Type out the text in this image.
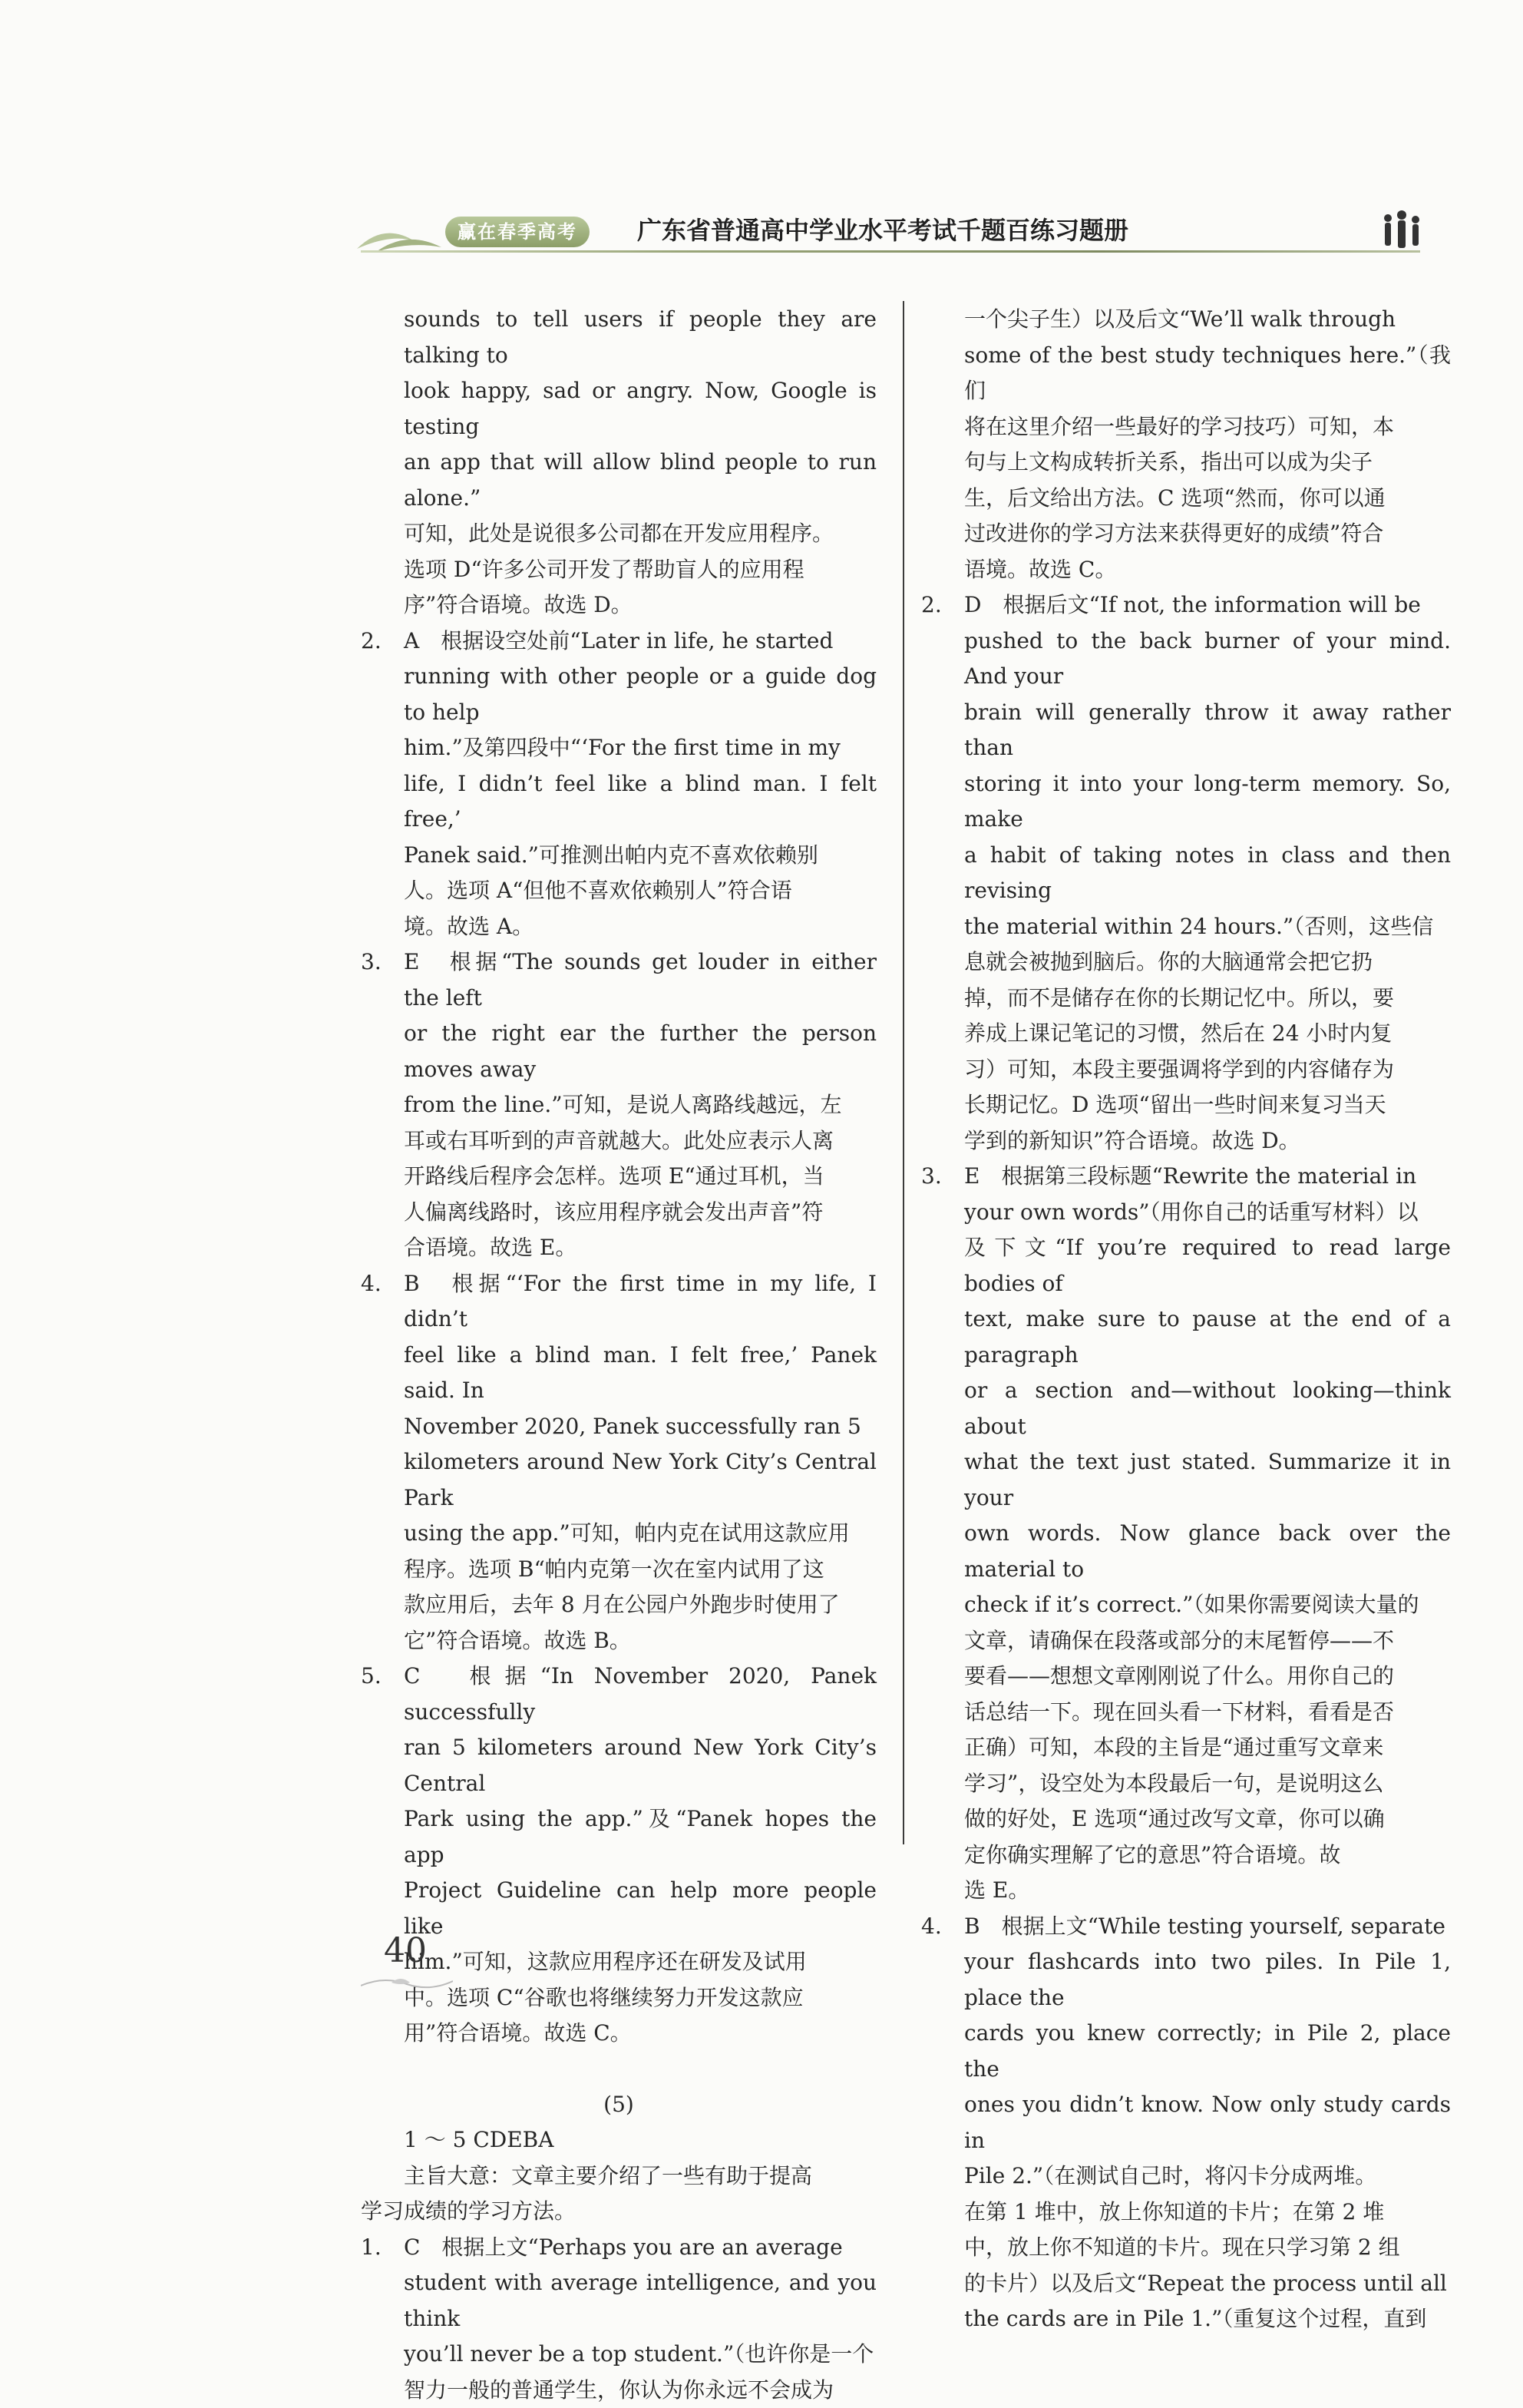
赢在春季高考	广东省普通高中学业水平考试千题百练习题册
sounds to tell users if people they are talking to
look happy, sad or angry. Now, Google is testing
an app that will allow blind people to run alone.”
可知，此处是说很多公司都在开发应用程序。
选项 D“许多公司开发了帮助盲人的应用程
序”符合语境。故选 D。
2.	A　根据设空处前“Later in life, he started
running with other people or a guide dog to help
him.”及第四段中“‘For the first time in my
life, I didn’t feel like a blind man. I felt free,’
Panek said.”可推测出帕内克不喜欢依赖别
人。选项 A“但他不喜欢依赖别人”符合语
境。故选 A。
3.	E　根据“The sounds get louder in either the left
or the right ear the further the person moves away
from the line.”可知，是说人离路线越远，左
耳或右耳听到的声音就越大。此处应表示人离
开路线后程序会怎样。选项 E“通过耳机，当
人偏离线路时，该应用程序就会发出声音”符
合语境。故选 E。
4.	B　根据“‘For the first time in my life, I didn’t
feel like a blind man. I felt free,’ Panek said. In
November 2020, Panek successfully ran 5
kilometers around New York City’s Central Park
using the app.”可知，帕内克在试用这款应用
程序。选项 B“帕内克第一次在室内试用了这
款应用后，去年 8 月在公园户外跑步时使用了
它”符合语境。故选 B。
5.	C　根据“In November 2020, Panek successfully
ran 5 kilometers around New York City’s Central
Park using the app.”及“Panek hopes the app
Project Guideline can help more people like
him.”可知，这款应用程序还在研发及试用
中。选项 C“谷歌也将继续努力开发这款应
用”符合语境。故选 C。
(5)
1 ～ 5 CDEBA
主旨大意：文章主要介绍了一些有助于提高
学习成绩的学习方法。
1.	C　根据上文“Perhaps you are an average
student with average intelligence, and you think
you’ll never be a top student.”（也许你是一个
智力一般的普通学生，你认为你永远不会成为
一个尖子生）以及后文“We’ll walk through
some of the best study techniques here.”（我们
将在这里介绍一些最好的学习技巧）可知，本
句与上文构成转折关系，指出可以成为尖子
生，后文给出方法。C 选项“然而，你可以通
过改进你的学习方法来获得更好的成绩”符合
语境。故选 C。
2.	D　根据后文“If not, the information will be
pushed to the back burner of your mind. And your
brain will generally throw it away rather than
storing it into your long-term memory. So, make
a habit of taking notes in class and then revising
the material within 24 hours.”（否则，这些信
息就会被抛到脑后。你的大脑通常会把它扔
掉，而不是储存在你的长期记忆中。所以，要
养成上课记笔记的习惯，然后在 24 小时内复
习）可知，本段主要强调将学到的内容储存为
长期记忆。D 选项“留出一些时间来复习当天
学到的新知识”符合语境。故选 D。
3.	E　根据第三段标题“Rewrite the material in
your own words”（用你自己的话重写材料）以
及下文“If you’re required to read large bodies of
text, make sure to pause at the end of a paragraph
or a section and—without looking—think about
what the text just stated. Summarize it in your
own words. Now glance back over the material to
check if it’s correct.”（如果你需要阅读大量的
文章，请确保在段落或部分的末尾暂停——不
要看——想想文章刚刚说了什么。用你自己的
话总结一下。现在回头看一下材料，看看是否
正确）可知，本段的主旨是“通过重写文章来
学习”，设空处为本段最后一句，是说明这么
做的好处，E 选项“通过改写文章，你可以确
定你确实理解了它的意思”符合语境。故
选 E。
4.	B　根据上文“While testing yourself, separate
your flashcards into two piles. In Pile 1, place the
cards you knew correctly; in Pile 2, place the
ones you didn’t know. Now only study cards in
Pile 2.”（在测试自己时，将闪卡分成两堆。
在第 1 堆中，放上你知道的卡片；在第 2 堆
中，放上你不知道的卡片。现在只学习第 2 组
的卡片）以及后文“Repeat the process until all
the cards are in Pile 1.”（重复这个过程，直到
40
